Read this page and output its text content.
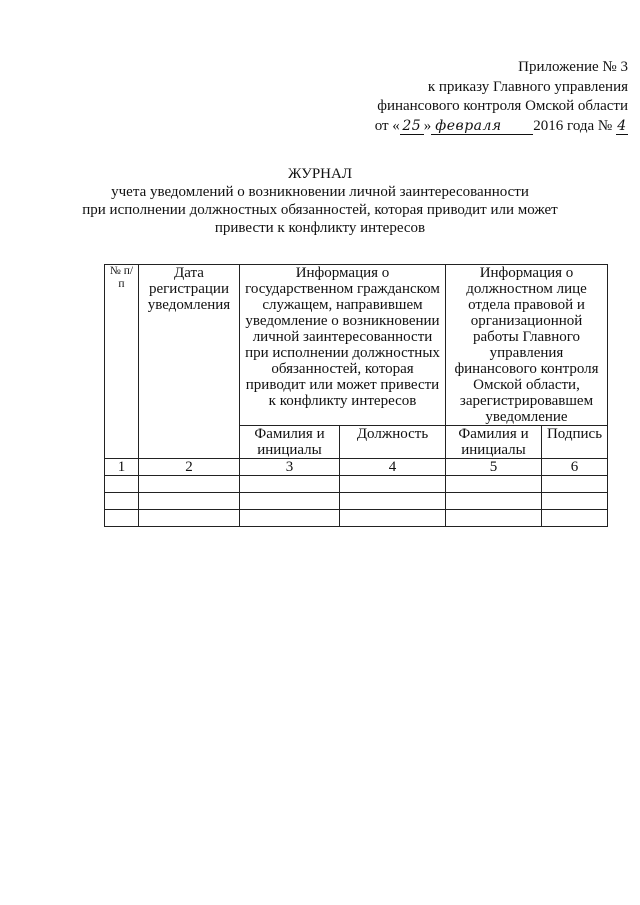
Приложение № 3
к приказу Главного управления
финансового контроля Омской области
от « 25 » февраля 2016 года № 4
ЖУРНАЛ
учета уведомлений о возникновении личной заинтересованности
при исполнении должностных обязанностей, которая приводит или может
привести к конфликту интересов
№ п/п	Дата регистрации уведомления	Информация о государственном гражданском служащем, направившем уведомление о возникновении личной заинтересованности при исполнении должностных обязанностей, которая приводит или может привести к конфликту интересов		Информация о должностном лице отдела правовой и организационной работы Главного управления финансового контроля Омской области, зарегистрировавшем уведомление	
		Фамилия и инициалы	Должность	Фамилия и инициалы	Подпись
1	2	3	4	5	6
